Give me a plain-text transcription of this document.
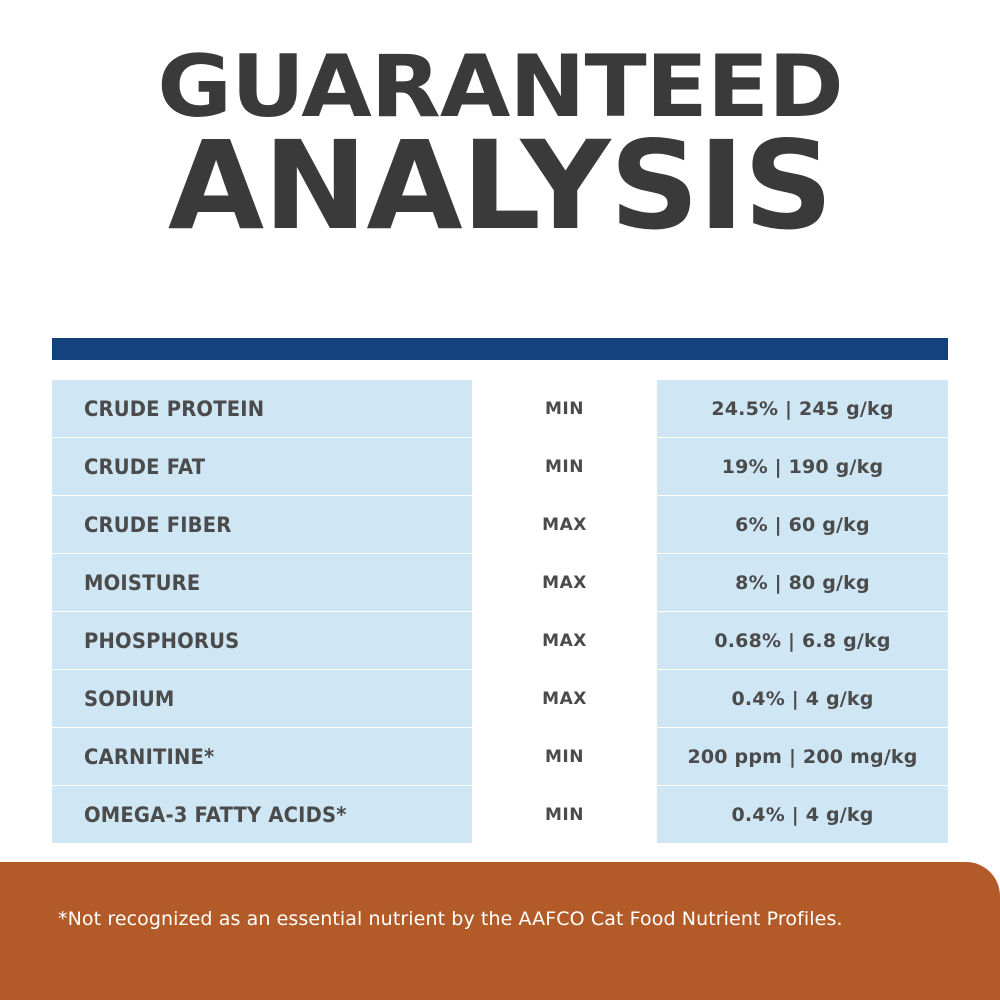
GUARANTEED
ANALYSIS
CRUDE PROTEIN	MIN	24.5% | 245 g/kg
CRUDE FAT	MIN	19% | 190 g/kg
CRUDE FIBER	MAX	6% | 60 g/kg
MOISTURE	MAX	8% | 80 g/kg
PHOSPHORUS	MAX	0.68% | 6.8 g/kg
SODIUM	MAX	0.4% | 4 g/kg
CARNITINE*	MIN	200 ppm | 200 mg/kg
OMEGA-3 FATTY ACIDS*	MIN	0.4% | 4 g/kg
*Not recognized as an essential nutrient by the AAFCO Cat Food Nutrient Profiles.
